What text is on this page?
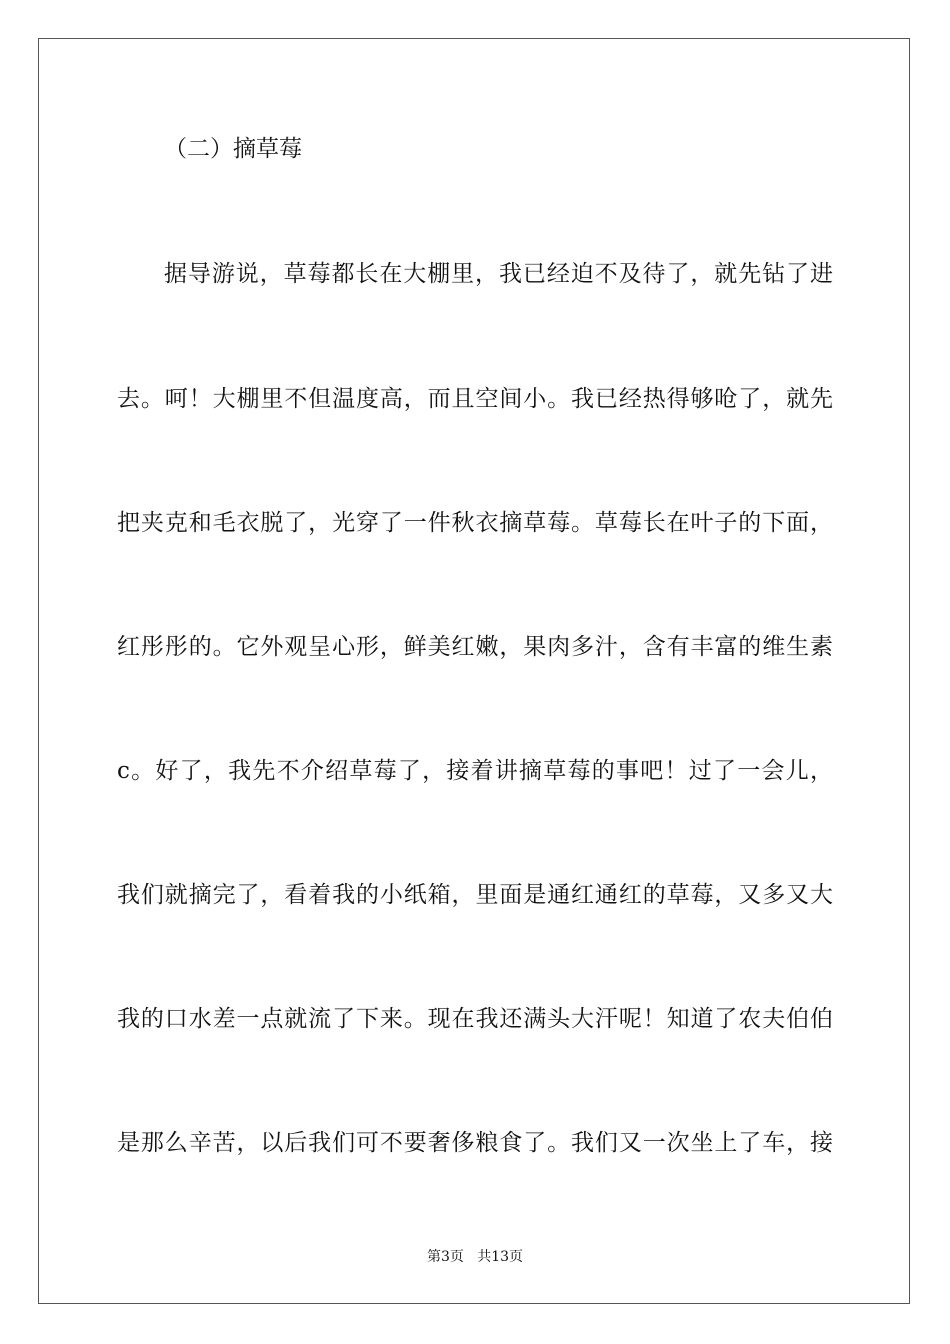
（二）摘草莓
据导游说，草莓都长在大棚里，我已经迫不及待了，就先钻了进
去。呵！大棚里不但温度高，而且空间小。我已经热得够呛了，就先
把夹克和毛衣脱了，光穿了一件秋衣摘草莓。草莓长在叶子的下面，
红彤彤的。它外观呈心形，鲜美红嫩，果肉多汁，含有丰富的维生素
c。好了，我先不介绍草莓了，接着讲摘草莓的事吧！过了一会儿，
我们就摘完了，看着我的小纸箱，里面是通红通红的草莓，又多又大
我的口水差一点就流了下来。现在我还满头大汗呢！知道了农夫伯伯
是那么辛苦，以后我们可不要奢侈粮食了。我们又一次坐上了车，接
第3页   共13页
